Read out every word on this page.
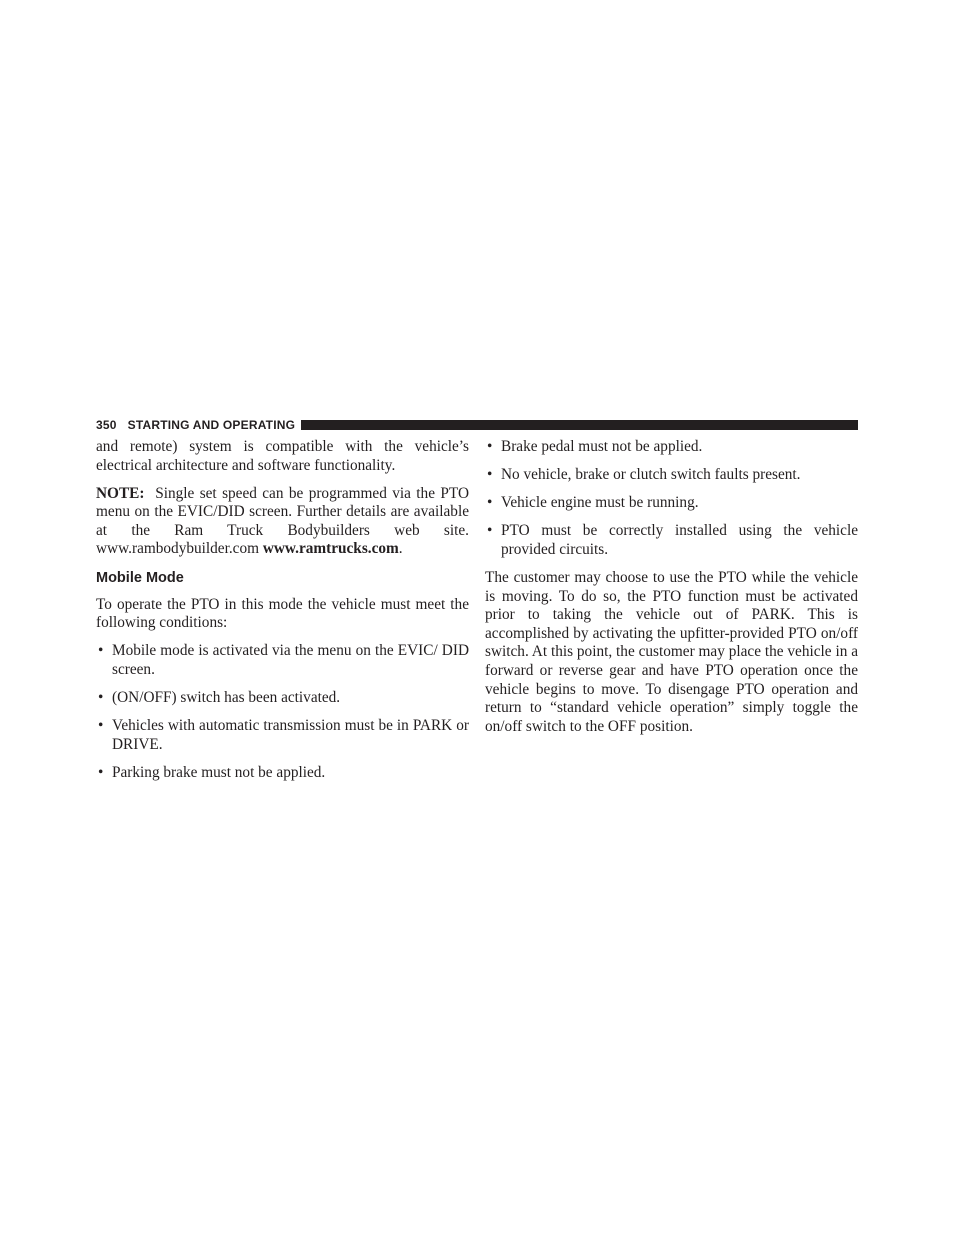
350 STARTING AND OPERATING

and remote) system is compatible with the vehicle’s electrical architecture and software functionality.

NOTE: Single set speed can be programmed via the PTO menu on the EVIC/DID screen. Further details are available at the Ram Truck Bodybuilders web site. www.rambodybuilder.com www.ramtrucks.com.

Mobile Mode

To operate the PTO in this mode the vehicle must meet the following conditions:

• Mobile mode is activated via the menu on the EVIC/ DID screen.
• (ON/OFF) switch has been activated.
• Vehicles with automatic transmission must be in PARK or DRIVE.
• Parking brake must not be applied.
• Brake pedal must not be applied.
• No vehicle, brake or clutch switch faults present.
• Vehicle engine must be running.
• PTO must be correctly installed using the vehicle provided circuits.

The customer may choose to use the PTO while the vehicle is moving. To do so, the PTO function must be activated prior to taking the vehicle out of PARK. This is accomplished by activating the upfitter-provided PTO on/off switch. At this point, the customer may place the vehicle in a forward or reverse gear and have PTO operation once the vehicle begins to move. To disengage PTO operation and return to “standard vehicle operation” simply toggle the on/off switch to the OFF position.
